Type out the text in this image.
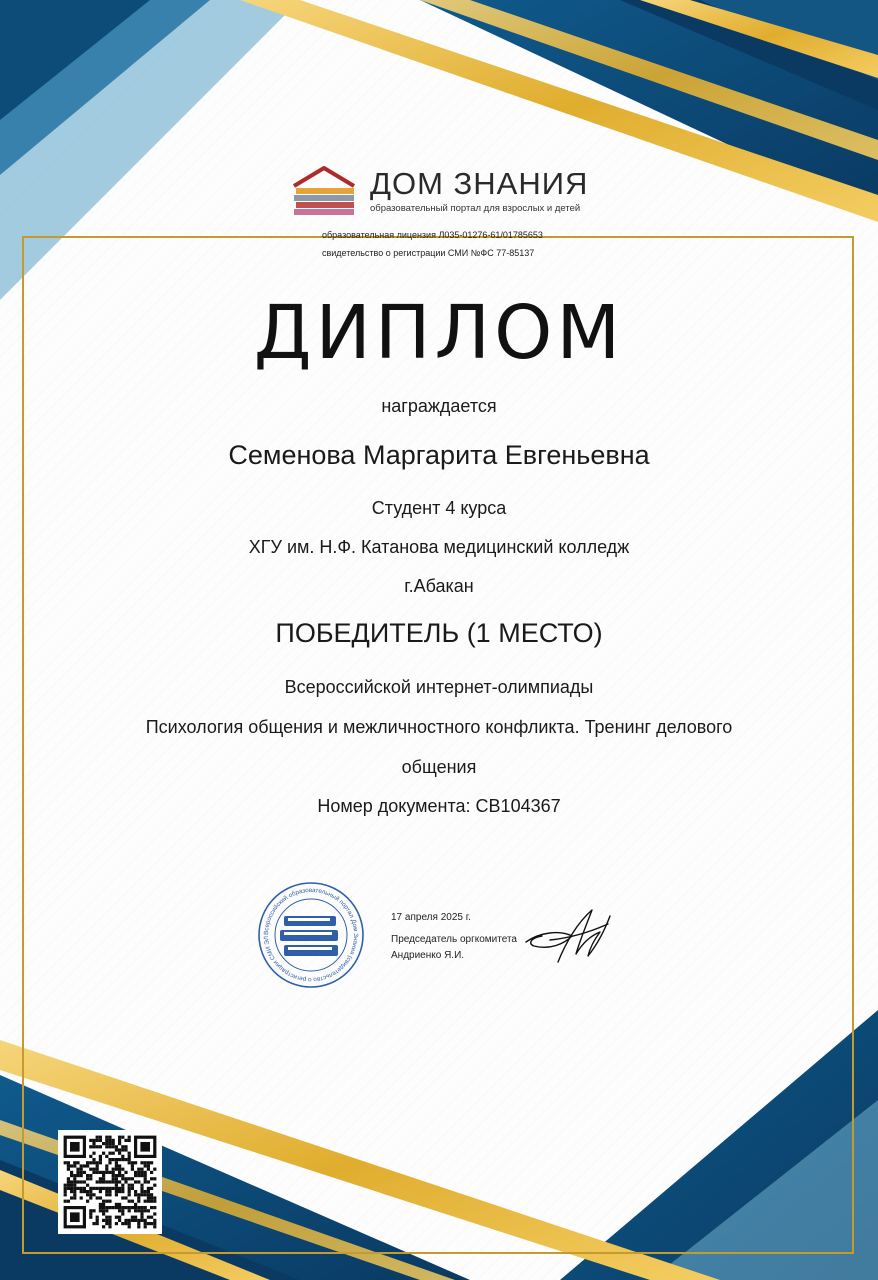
ДОМ ЗНАНИЯ
образовательный портал для взрослых и детей
образовательная лицензия Л035-01276-61/01785653
свидетельство о регистрации СМИ №ФС 77-85137
ДИПЛОМ
награждается
Семенова Маргарита Евгеньевна
Студент 4 курса
ХГУ им. Н.Ф. Катанова медицинский колледж
г.Абакан
ПОБЕДИТЕЛЬ (1 МЕСТО)
Всероссийской интернет-олимпиады
Психология общения и межличностного конфликта. Тренинг делового
общения
Номер документа: СВ104367
Всероссийский образовательный портал Дом Знания (свидетельство о регистрации СМИ ЭЛ
17 апреля 2025 г.
Председатель оргкомитета
Андриенко Я.И.
